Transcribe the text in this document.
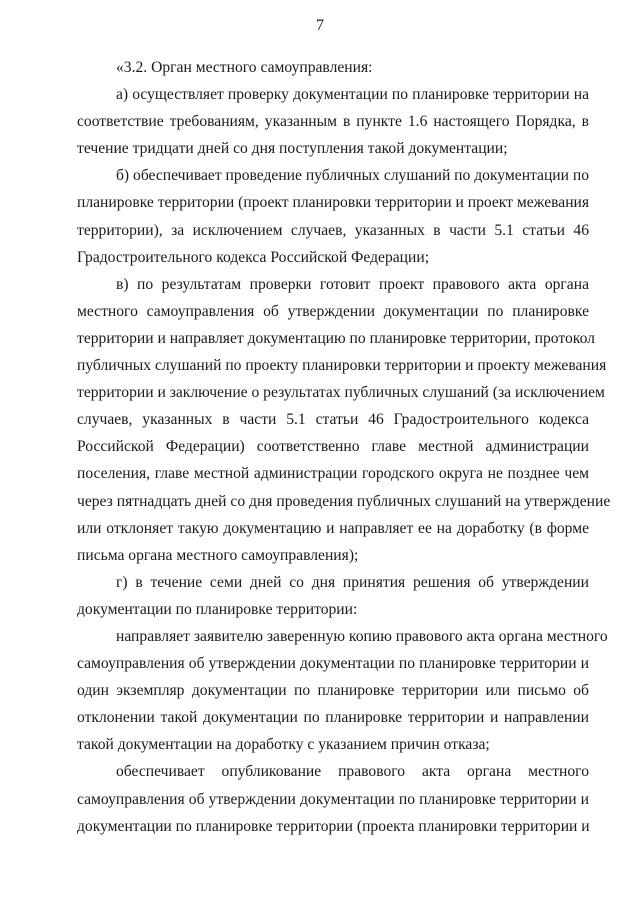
7
«3.2. Орган местного самоуправления:
а) осуществляет проверку документации по планировке территории на
соответствие требованиям, указанным в пункте 1.6 настоящего Порядка, в
течение тридцати дней со дня поступления такой документации;
б) обеспечивает проведение публичных слушаний по документации по
планировке территории (проект планировки территории и проект межевания
территории), за исключением случаев, указанных в части 5.1 статьи 46
Градостроительного кодекса Российской Федерации;
в) по результатам проверки готовит проект правового акта органа
местного самоуправления об утверждении документации по планировке
территории и направляет документацию по планировке территории, протокол
публичных слушаний по проекту планировки территории и проекту межевания
территории и заключение о результатах публичных слушаний (за исключением
случаев, указанных в части 5.1 статьи 46 Градостроительного кодекса
Российской Федерации) соответственно главе местной администрации
поселения, главе местной администрации городского округа не позднее чем
через пятнадцать дней со дня проведения публичных слушаний на утверждение
или отклоняет такую документацию и направляет ее на доработку (в форме
письма органа местного самоуправления);
г) в течение семи дней со дня принятия решения об утверждении
документации по планировке территории:
направляет заявителю заверенную копию правового акта органа местного
самоуправления об утверждении документации по планировке территории и
один экземпляр документации по планировке территории или письмо об
отклонении такой документации по планировке территории и направлении
такой документации на доработку с указанием причин отказа;
обеспечивает опубликование правового акта органа местного
самоуправления об утверждении документации по планировке территории и
документации по планировке территории (проекта планировки территории и
